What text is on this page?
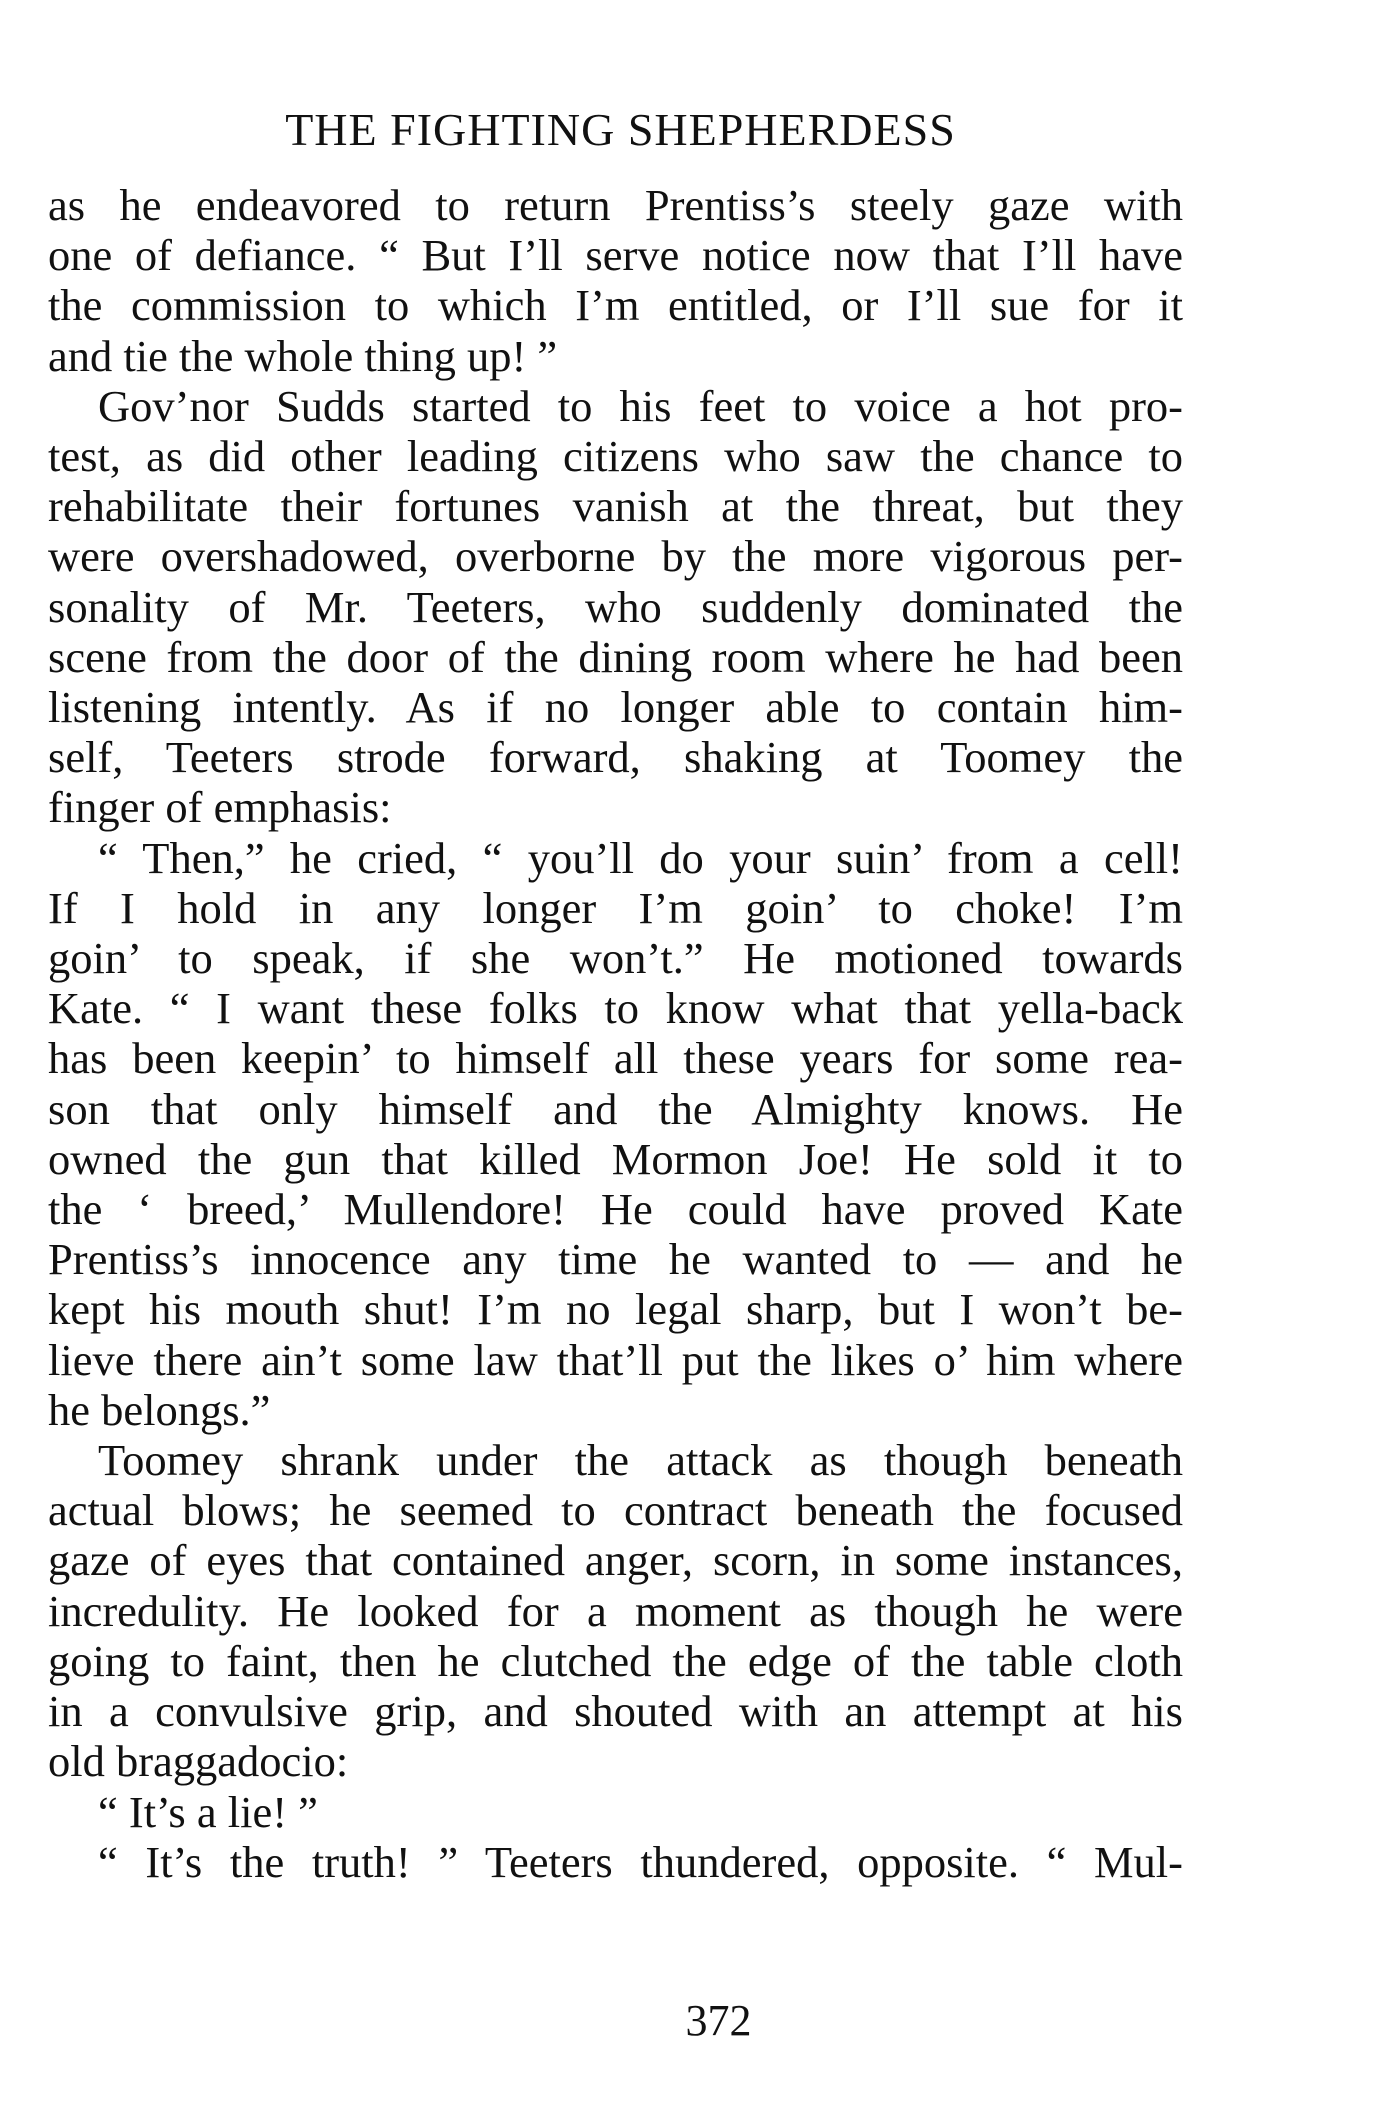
THE FIGHTING SHEPHERDESS
as he endeavored to return Prentiss’s steely gaze with
one of defiance. “ But I’ll serve notice now that I’ll have
the commission to which I’m entitled, or I’ll sue for it
and tie the whole thing up! ”
Gov’nor Sudds started to his feet to voice a hot pro-
test, as did other leading citizens who saw the chance to
rehabilitate their fortunes vanish at the threat, but they
were overshadowed, overborne by the more vigorous per-
sonality of Mr. Teeters, who suddenly dominated the
scene from the door of the dining room where he had been
listening intently. As if no longer able to contain him-
self, Teeters strode forward, shaking at Toomey the
finger of emphasis:
“ Then,” he cried, “ you’ll do your suin’ from a cell!
If I hold in any longer I’m goin’ to choke! I’m
goin’ to speak, if she won’t.” He motioned towards
Kate. “ I want these folks to know what that yella-back
has been keepin’ to himself all these years for some rea-
son that only himself and the Almighty knows. He
owned the gun that killed Mormon Joe! He sold it to
the ‘ breed,’ Mullendore! He could have proved Kate
Prentiss’s innocence any time he wanted to — and he
kept his mouth shut! I’m no legal sharp, but I won’t be-
lieve there ain’t some law that’ll put the likes o’ him where
he belongs.”
Toomey shrank under the attack as though beneath
actual blows; he seemed to contract beneath the focused
gaze of eyes that contained anger, scorn, in some instances,
incredulity. He looked for a moment as though he were
going to faint, then he clutched the edge of the table cloth
in a convulsive grip, and shouted with an attempt at his
old braggadocio:
“ It’s a lie! ”
“ It’s the truth! ” Teeters thundered, opposite. “ Mul-
372
